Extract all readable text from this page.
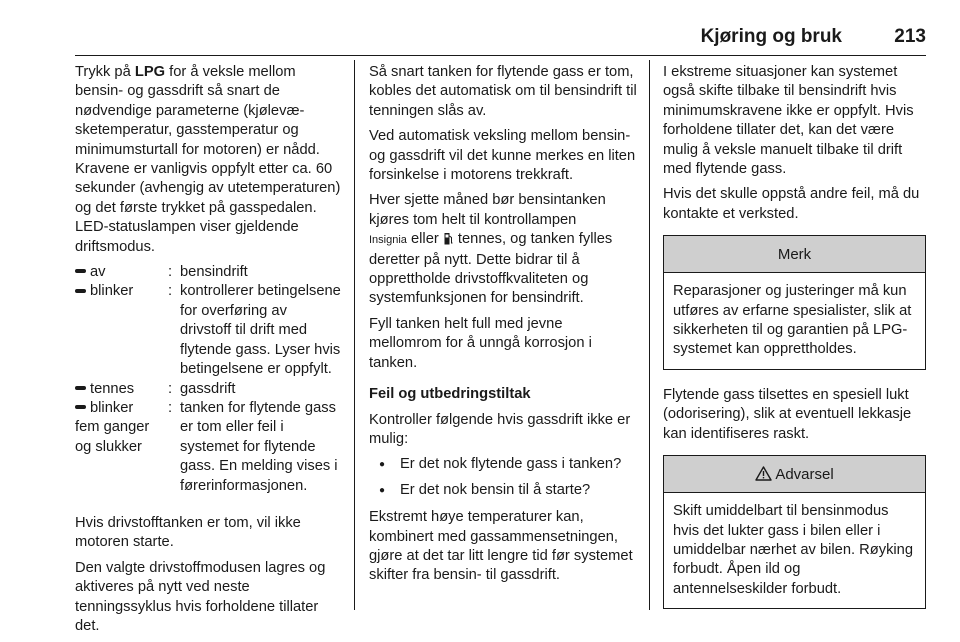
Kjøring og bruk	213

Trykk på LPG for å veksle mellom bensin- og gassdrift så snart de nødvendige parameterne (kjølevæsketemperatur, gasstemperatur og minimumsturtall for motoren) er nådd. Kravene er vanligvis oppfylt etter ca. 60 sekunder (avhengig av utetemperaturen) og det første trykket på gasspedalen. LED-statuslampen viser gjeldende driftsmodus.

av	: bensindrift
blinker	: kontrollerer betingelsene for overføring av drivstoff til drift med flytende gass. Lyser hvis betingelsene er oppfylt.
tennes	: gassdrift
blinker
fem ganger og slukker
: tanken for flytende gass er tom eller feil i systemet for flytende gass. En melding vises i førerinformasjonen.

Hvis drivstofftanken er tom, vil ikke motoren starte.

Den valgte drivstoffmodusen lagres og aktiveres på nytt ved neste tenningssyklus hvis forholdene tillater det.

Så snart tanken for flytende gass er tom, kobles det automatisk om til bensindrift til tenningen slås av.

Ved automatisk veksling mellom bensin- og gassdrift vil det kunne merkes en liten forsinkelse i motorens trekkraft.

Hver sjette måned bør bensintanken kjøres tom helt til kontrollampen
Insignia eller  tennes, og tanken fylles deretter på nytt. Dette bidrar til å opprettholde drivstoffkvaliteten og systemfunksjonen for bensindrift.

Fyll tanken helt full med jevne mellomrom for å unngå korrosjon i tanken.

Feil og utbedringstiltak

Kontroller følgende hvis gassdrift ikke er mulig:

● Er det nok flytende gass i tanken?
● Er det nok bensin til å starte?

Ekstremt høye temperaturer kan, kombinert med gassammensetningen, gjøre at det tar litt lengre tid før systemet skifter fra bensin- til gassdrift.

I ekstreme situasjoner kan systemet også skifte tilbake til bensindrift hvis minimumskravene ikke er oppfylt. Hvis forholdene tillater det, kan det være mulig å veksle manuelt tilbake til drift med flytende gass.

Hvis det skulle oppstå andre feil, må du kontakte et verksted.

Merk
Reparasjoner og justeringer må kun utføres av erfarne spesialister, slik at sikkerheten til og garantien på LPG-systemet kan opprettholdes.

Flytende gass tilsettes en spesiell lukt (odorisering), slik at eventuell lekkasje kan identifiseres raskt.

Advarsel
Skift umiddelbart til bensinmodus hvis det lukter gass i bilen eller i umiddelbar nærhet av bilen. Røyking forbudt. Åpen ild og antennelseskilder forbudt.
